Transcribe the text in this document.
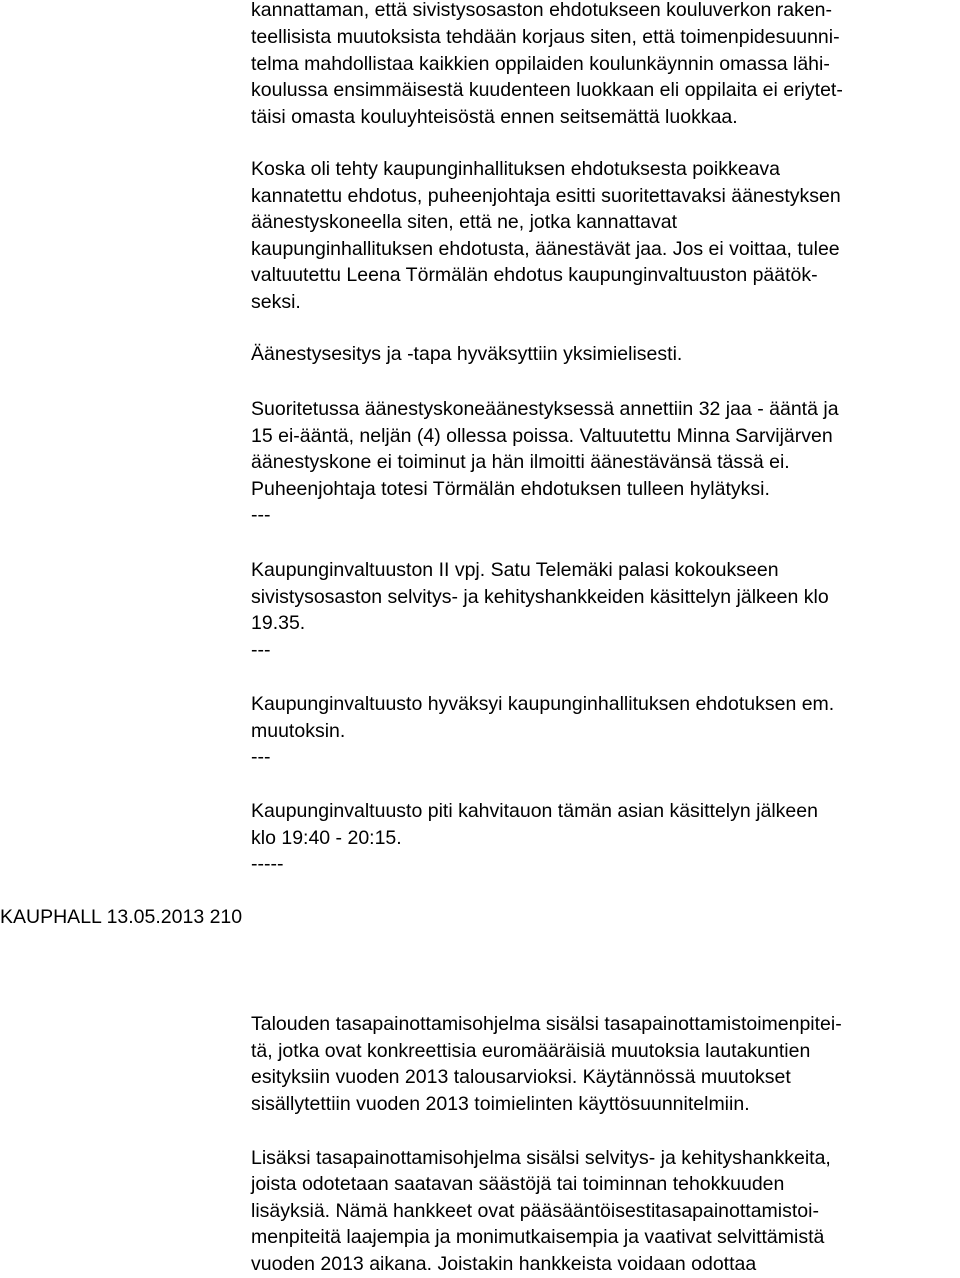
kannattaman, että sivistysosaston ehdotukseen kouluverkon raken-
teellisista muutoksista tehdään korjaus siten, että toimenpidesuunni-
telma mahdollistaa kaikkien oppilaiden koulunkäynnin omassa lähi-
koulussa ensimmäisestä kuudenteen luokkaan eli oppilaita ei eriytet-
täisi omasta kouluyhteisöstä ennen seitsemättä luokkaa.
Koska oli tehty kaupunginhallituksen ehdotuksesta poikkeava
kannatettu ehdotus, puheenjohtaja esitti suoritettavaksi äänestyksen
äänestyskoneella siten, että ne, jotka kannattavat
kaupunginhallituksen ehdotusta, äänestävät jaa. Jos ei voittaa, tulee
valtuutettu Leena Törmälän ehdotus kaupunginvaltuuston päätök-
seksi.
Äänestysesitys ja -tapa hyväksyttiin yksimielisesti.
Suoritetussa äänestyskoneäänestyksessä annettiin 32 jaa - ääntä ja
15 ei-ääntä, neljän (4) ollessa poissa. Valtuutettu Minna Sarvijärven
äänestyskone ei toiminut ja hän ilmoitti äänestävänsä tässä ei.
Puheenjohtaja totesi Törmälän ehdotuksen tulleen hylätyksi.
---
Kaupunginvaltuuston II vpj. Satu Telemäki palasi kokoukseen
sivistysosaston selvitys- ja kehityshankkeiden käsittelyn jälkeen klo
19.35.
---
Kaupunginvaltuusto hyväksyi kaupunginhallituksen ehdotuksen em.
muutoksin.
---
Kaupunginvaltuusto piti kahvitauon tämän asian käsittelyn jälkeen
klo 19:40 - 20:15.
-----
KAUPHALL 13.05.2013 210
Talouden tasapainottamisohjelma sisälsi tasapainottamistoimenpitei-
tä, jotka ovat konkreettisia euromääräisiä muutoksia lautakuntien
esityksiin vuoden 2013 talousarvioksi. Käytännössä muutokset
sisällytettiin vuoden 2013 toimielinten käyttösuunnitelmiin.
Lisäksi tasapainottamisohjelma sisälsi selvitys- ja kehityshankkeita,
joista odotetaan saatavan säästöjä tai toiminnan tehokkuuden
lisäyksiä. Nämä hankkeet ovat pääsääntöisestitasapainottamistoi-
menpiteitä laajempia ja monimutkaisempia ja vaativat selvittämistä
vuoden 2013 aikana. Joistakin hankkeista voidaan odottaa
